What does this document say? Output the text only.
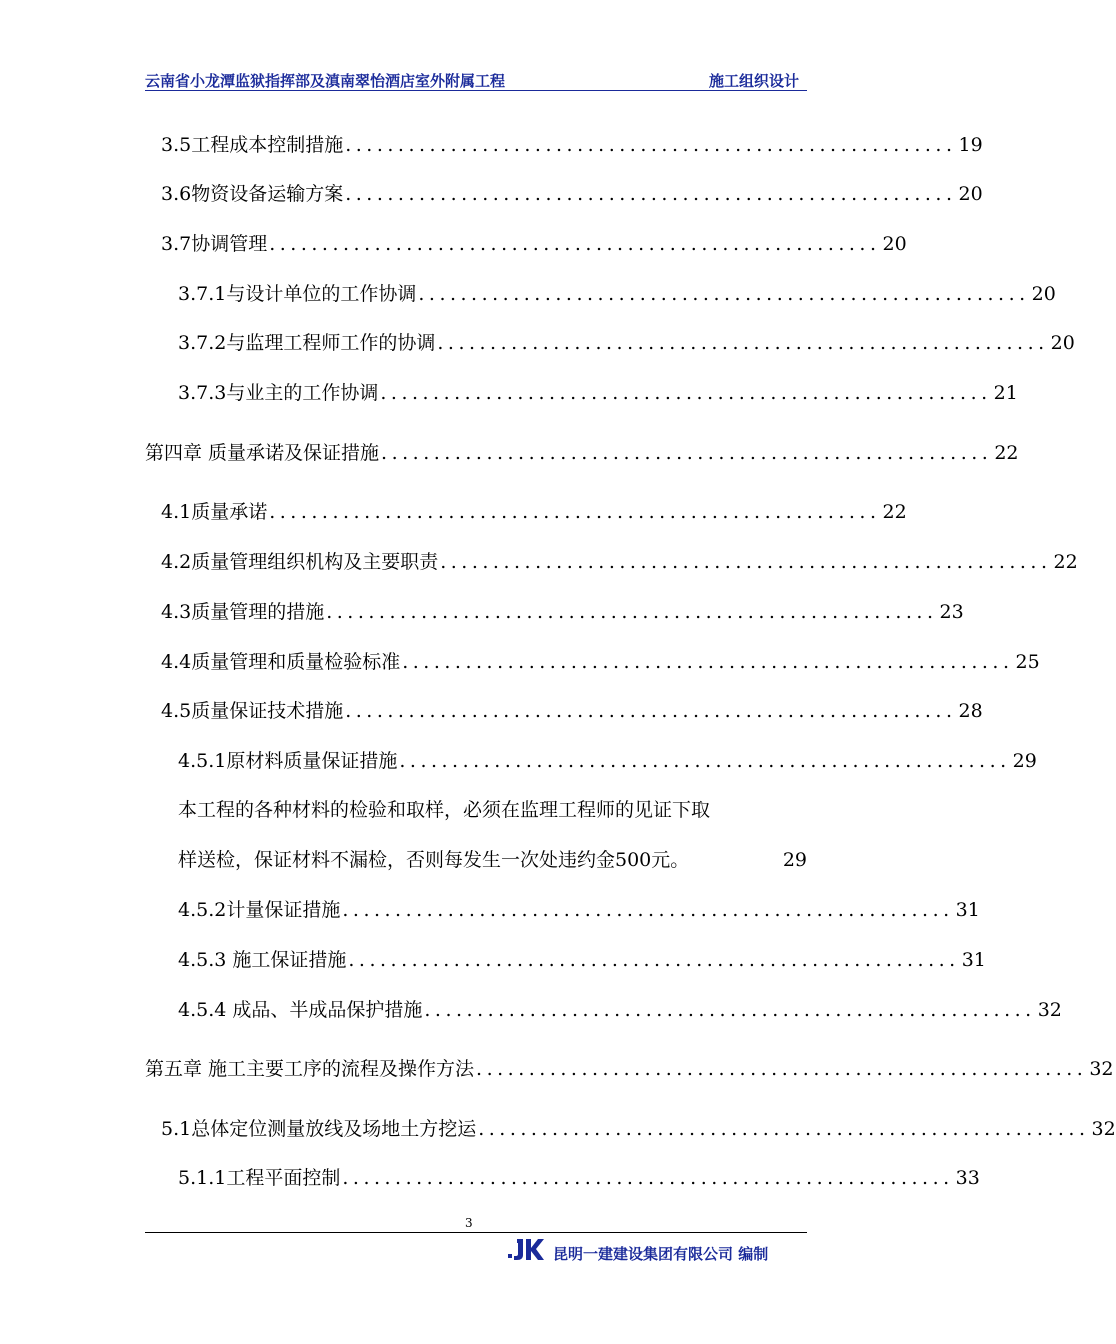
云南省小龙潭监狱指挥部及滇南翠怡酒店室外附属工程	施工组织设计
3.5工程成本控制措施 .......................................................... 19
3.6物资设备运输方案 .......................................................... 20
3.7协调管理 .......................................................... 20
3.7.1与设计单位的工作协调 .......................................................... 20
3.7.2与监理工程师工作的协调 .......................................................... 20
3.7.3与业主的工作协调 .......................................................... 21
第四章 质量承诺及保证措施 .......................................................... 22
4.1质量承诺 .......................................................... 22
4.2质量管理组织机构及主要职责 .......................................................... 22
4.3质量管理的措施 .......................................................... 23
4.4质量管理和质量检验标准 .......................................................... 25
4.5质量保证技术措施 .......................................................... 28
4.5.1原材料质量保证措施 .......................................................... 29
本工程的各种材料的检验和取样，必须在监理工程师的见证下取
样送检，保证材料不漏检，否则每发生一次处违约金500元。	29
4.5.2计量保证措施 .......................................................... 31
4.5.3 施工保证措施 .......................................................... 31
4.5.4 成品、半成品保护措施 .......................................................... 32
第五章 施工主要工序的流程及操作方法 .......................................................... 32
5.1总体定位测量放线及场地土方挖运 .......................................................... 32
5.1.1工程平面控制 .......................................................... 33
3
昆明一建建设集团有限公司 编制
